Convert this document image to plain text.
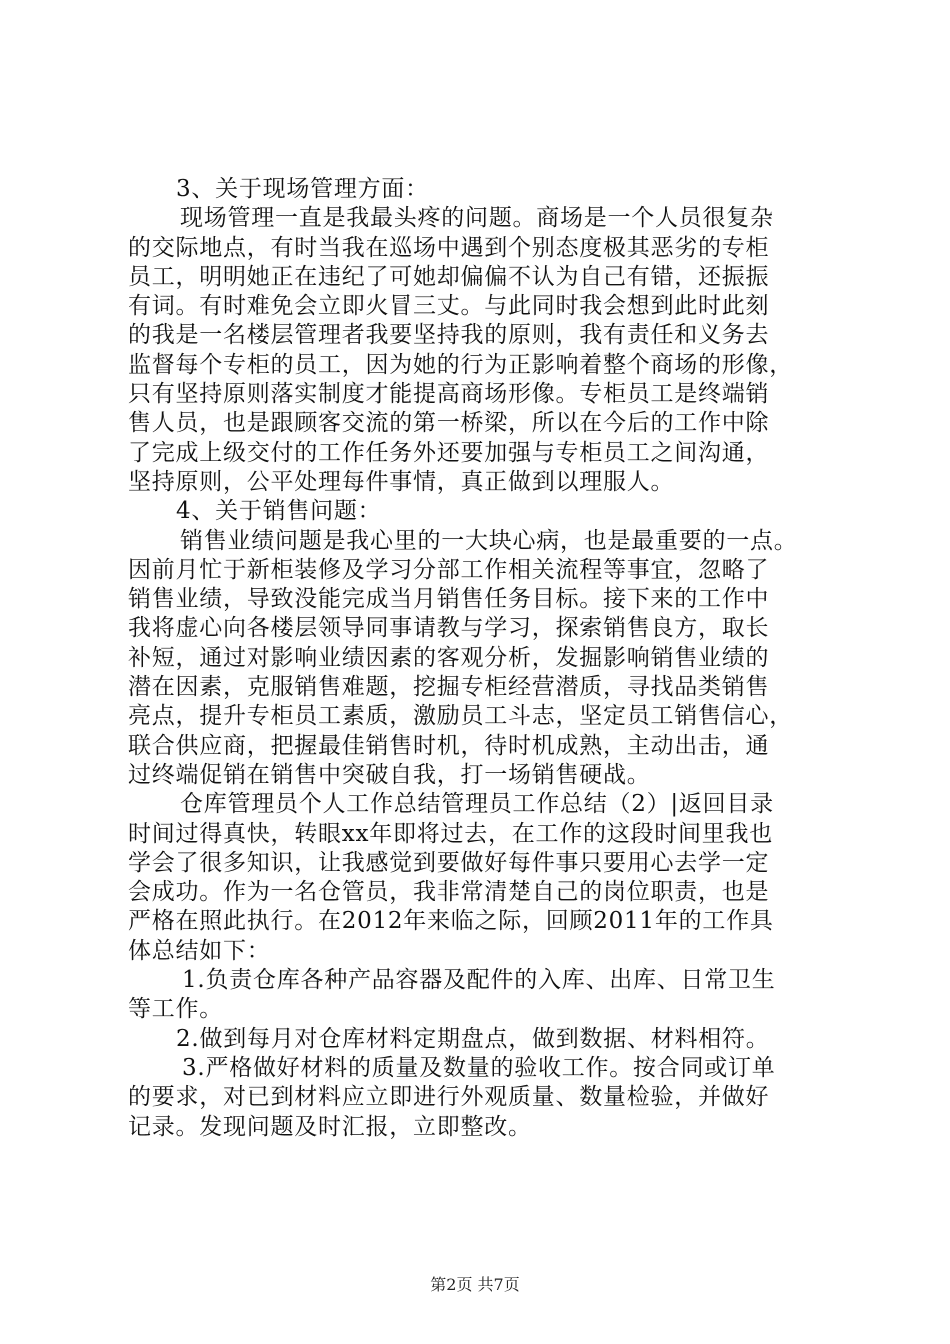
3、关于现场管理方面：
现场管理一直是我最头疼的问题。商场是一个人员很复杂
的交际地点，有时当我在巡场中遇到个别态度极其恶劣的专柜
员工，明明她正在违纪了可她却偏偏不认为自己有错，还振振
有词。有时难免会立即火冒三丈。与此同时我会想到此时此刻
的我是一名楼层管理者我要坚持我的原则，我有责任和义务去
监督每个专柜的员工，因为她的行为正影响着整个商场的形像，
只有坚持原则落实制度才能提高商场形像。专柜员工是终端销
售人员，也是跟顾客交流的第一桥梁，所以在今后的工作中除
了完成上级交付的工作任务外还要加强与专柜员工之间沟通，
坚持原则，公平处理每件事情，真正做到以理服人。
4、关于销售问题：
销售业绩问题是我心里的一大块心病，也是最重要的一点。
因前月忙于新柜装修及学习分部工作相关流程等事宜，忽略了
销售业绩，导致没能完成当月销售任务目标。接下来的工作中
我将虚心向各楼层领导同事请教与学习，探索销售良方，取长
补短，通过对影响业绩因素的客观分析，发掘影响销售业绩的
潜在因素，克服销售难题，挖掘专柜经营潜质，寻找品类销售
亮点，提升专柜员工素质，激励员工斗志，坚定员工销售信心，
联合供应商，把握最佳销售时机，待时机成熟，主动出击，通
过终端促销在销售中突破自我，打一场销售硬战。
仓库管理员个人工作总结管理员工作总结（2）|返回目录
时间过得真快，转眼xx年即将过去，在工作的这段时间里我也
学会了很多知识，让我感觉到要做好每件事只要用心去学一定
会成功。作为一名仓管员，我非常清楚自己的岗位职责，也是
严格在照此执行。在2012年来临之际，回顾2011年的工作具
体总结如下：
1.负责仓库各种产品容器及配件的入库、出库、日常卫生
等工作。
2.做到每月对仓库材料定期盘点，做到数据、材料相符。
3.严格做好材料的质量及数量的验收工作。按合同或订单
的要求，对已到材料应立即进行外观质量、数量检验，并做好
记录。发现问题及时汇报，立即整改。
第2页 共7页
